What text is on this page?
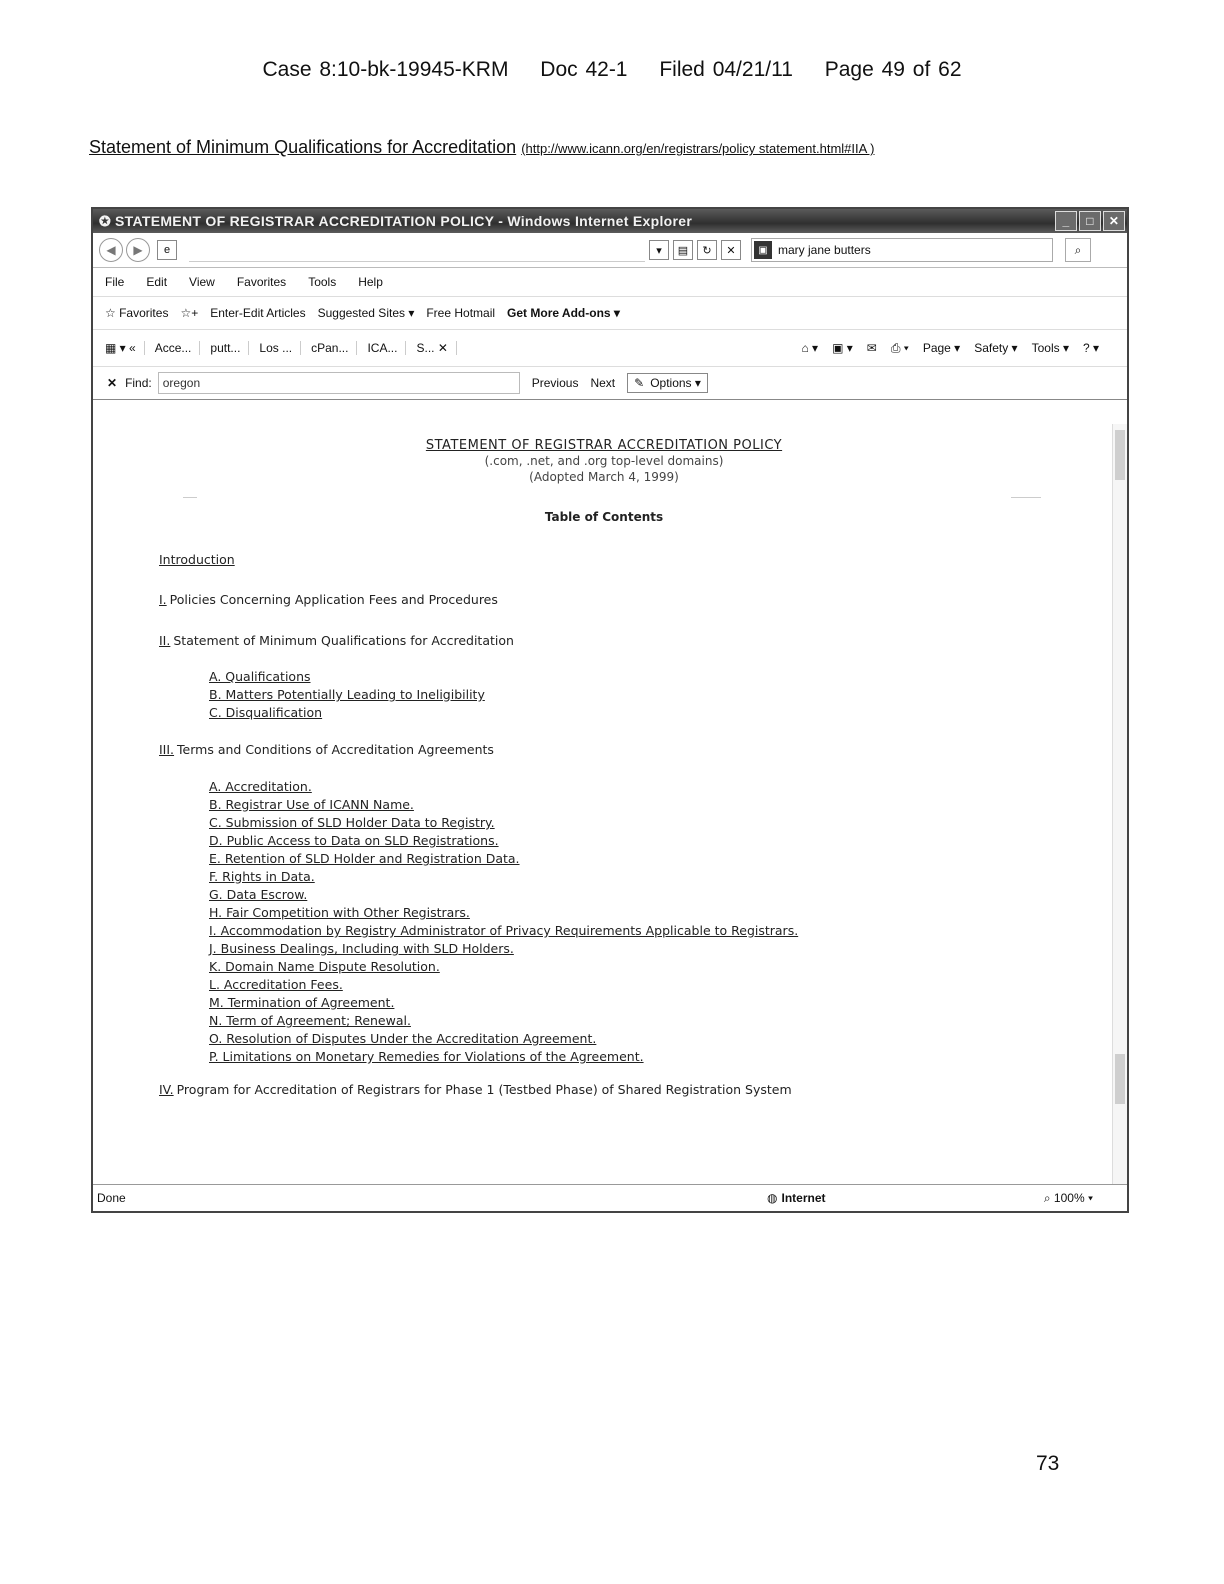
Case 8:10-bk-19945-KRM Doc 42-1 Filed 04/21/11 Page 49 of 62
Statement of Minimum Qualifications for Accreditation (http://www.icann.org/en/registrars/policy statement.html#IIA )
✪ STATEMENT OF REGISTRAR ACCREDITATION POLICY - Windows Internet Explorer	_	□	✕
◀	▶	e	▾	▤	↻	✕	▣ mary jane butters	⌕
File Edit View Favorites Tools Help
☆ Favorites ☆+ Enter-Edit Articles Suggested Sites ▾ Free Hotmail Get More Add-ons ▾
▦ ▾ «	Acce...	putt...	Los ...	cPan...	ICA...	S... ✕	⌂ ▾ ▣ ▾ ✉ ⎙ ▾ Page ▾ Safety ▾ Tools ▾ ? ▾
✕ Find: oregon	Previous Next ✎ Options ▾
STATEMENT OF REGISTRAR ACCREDITATION POLICY
(.com, .net, and .org top-level domains)
(Adopted March 4, 1999)
Table of Contents
Introduction
I. Policies Concerning Application Fees and Procedures
II. Statement of Minimum Qualifications for Accreditation
A. Qualifications
B. Matters Potentially Leading to Ineligibility
C. Disqualification
III. Terms and Conditions of Accreditation Agreements
A. Accreditation.
B. Registrar Use of ICANN Name.
C. Submission of SLD Holder Data to Registry.
D. Public Access to Data on SLD Registrations.
E. Retention of SLD Holder and Registration Data.
F. Rights in Data.
G. Data Escrow.
H. Fair Competition with Other Registrars.
I. Accommodation by Registry Administrator of Privacy Requirements Applicable to Registrars.
J. Business Dealings, Including with SLD Holders.
K. Domain Name Dispute Resolution.
L. Accreditation Fees.
M. Termination of Agreement.
N. Term of Agreement; Renewal.
O. Resolution of Disputes Under the Accreditation Agreement.
P. Limitations on Monetary Remedies for Violations of the Agreement.
IV. Program for Accreditation of Registrars for Phase 1 (Testbed Phase) of Shared Registration System
Done	◍ Internet	⌕ 100% ▾
73
